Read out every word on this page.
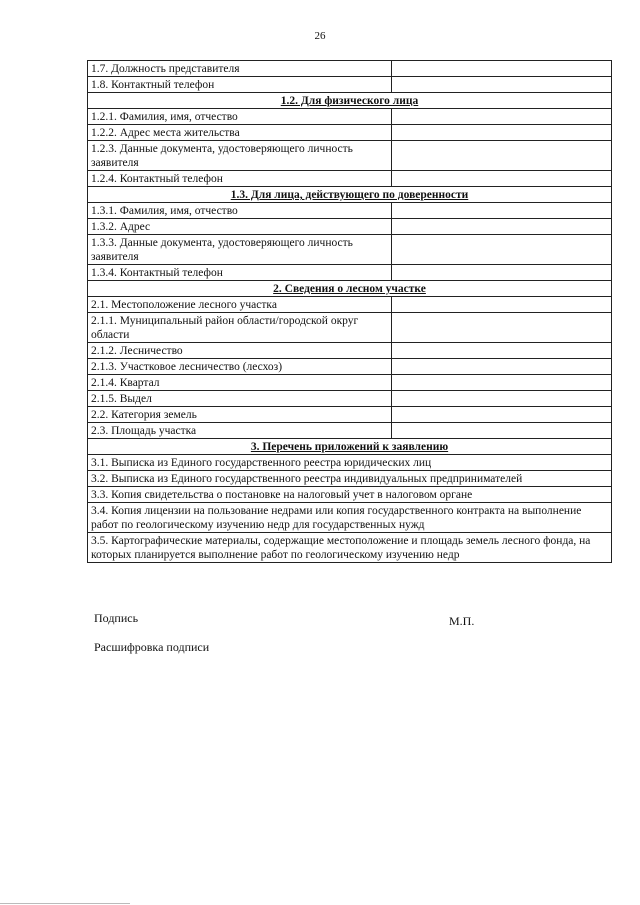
26
1.7. Должность представителя	
1.8. Контактный телефон	
1.2. Для физического лица	
1.2.1. Фамилия, имя, отчество	
1.2.2. Адрес места жительства	
1.2.3. Данные документа, удостоверяющего личность заявителя	
1.2.4. Контактный телефон	
1.3. Для лица, действующего по доверенности	
1.3.1. Фамилия, имя, отчество	
1.3.2. Адрес	
1.3.3. Данные документа, удостоверяющего личность заявителя	
1.3.4. Контактный телефон	
2. Сведения о лесном участке	
2.1. Местоположение лесного участка	
2.1.1. Муниципальный район области/городской округ области	
2.1.2. Лесничество	
2.1.3. Участковое лесничество (лесхоз)	
2.1.4. Квартал	
2.1.5. Выдел	
2.2. Категория земель	
2.3. Площадь участка	
3. Перечень приложений к заявлению	
3.1. Выписка из Единого государственного реестра юридических лиц	
3.2. Выписка из Единого государственного реестра индивидуальных предпринимателей	
3.3. Копия свидетельства о постановке на налоговый учет в налоговом органе	
3.4. Копия лицензии на пользование недрами или копия государственного контракта на выполнение работ по геологическому изучению недр для государственных нужд	
3.5. Картографические материалы, содержащие местоположение и площадь земель лесного фонда, на которых планируется выполнение работ по геологическому изучению недр	
Подпись	М.П.
Расшифровка подписи
